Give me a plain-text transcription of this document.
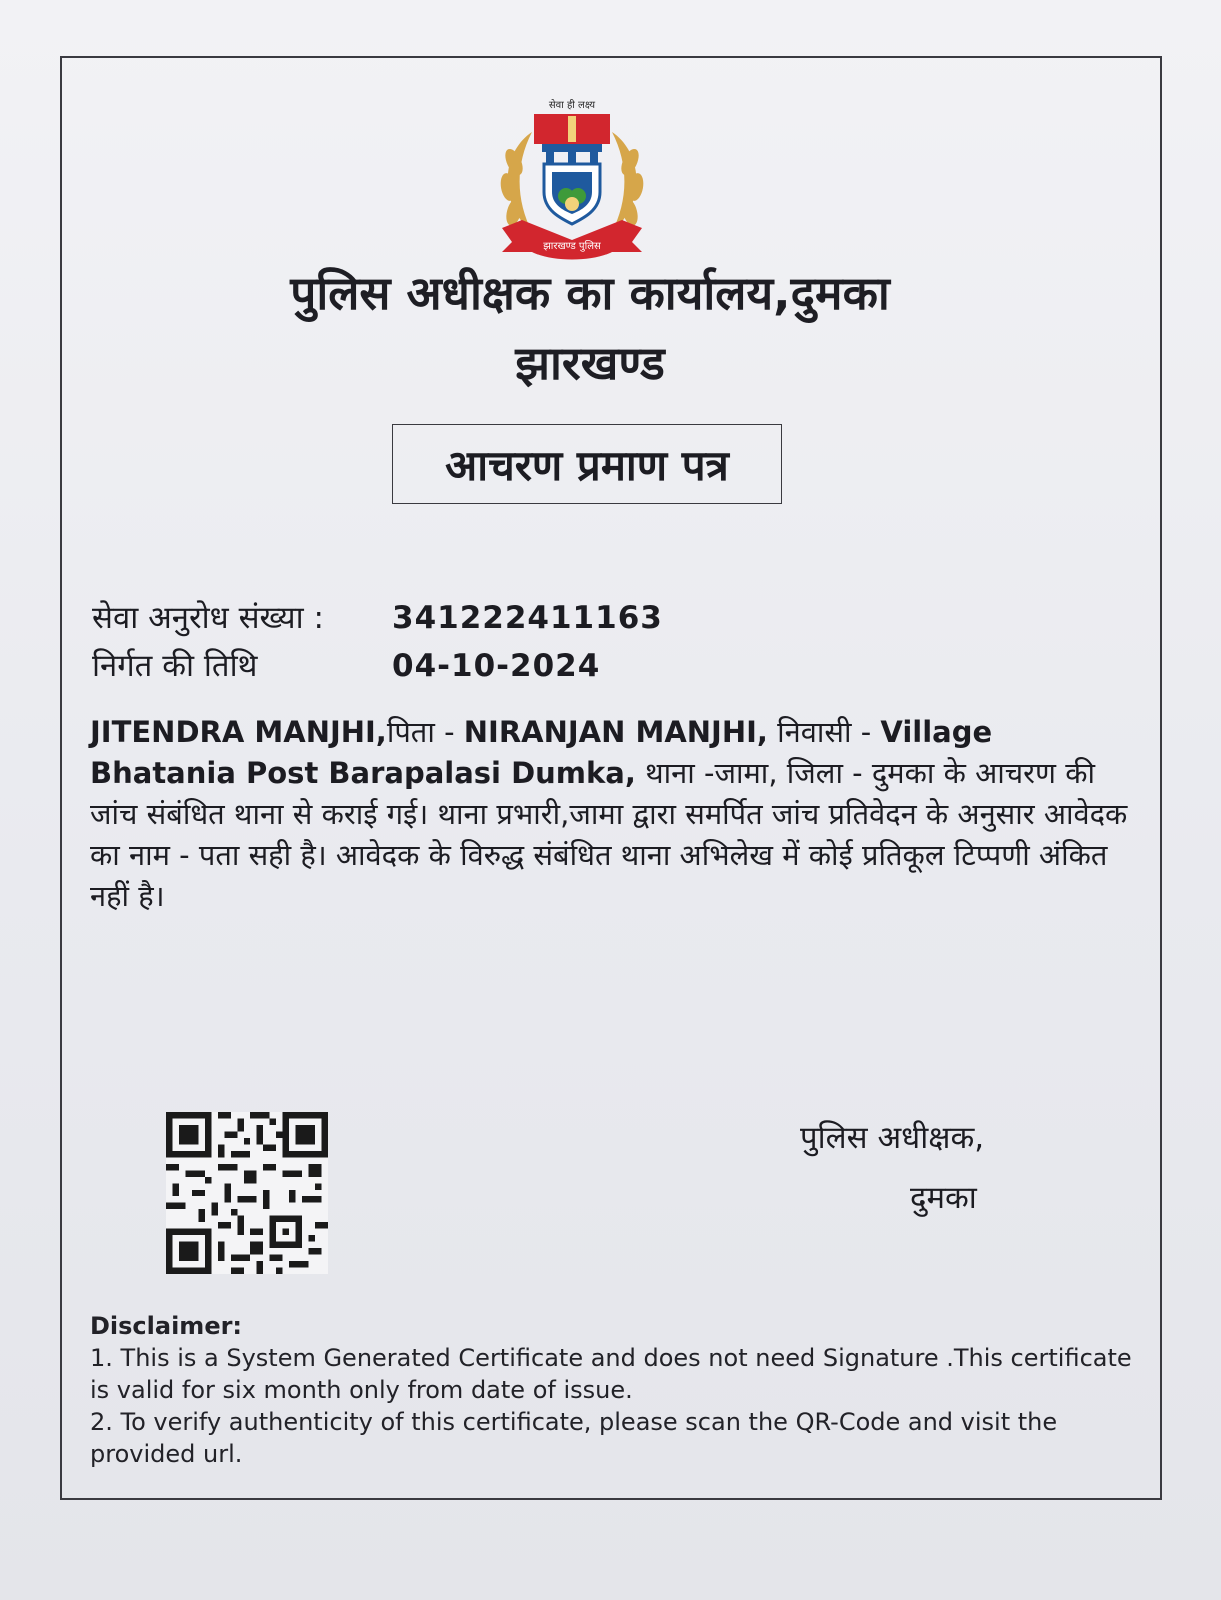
सेवा ही लक्ष्य
झारखण्ड पुलिस
पुलिस अधीक्षक का कार्यालय,दुमका
झारखण्ड
आचरण प्रमाण पत्र
सेवा अनुरोध संख्या : 341222411163
निर्गत की तिथि	04-10-2024
JITENDRA MANJHI,पिता - NIRANJAN MANJHI, निवासी - Village Bhatania Post Barapalasi Dumka, थाना -जामा, जिला - दुमका के आचरण की जांच संबंधित थाना से कराई गई। थाना प्रभारी,जामा द्वारा समर्पित जांच प्रतिवेदन के अनुसार आवेदक का नाम - पता सही है। आवेदक के विरुद्ध संबंधित थाना अभिलेख में कोई प्रतिकूल टिप्पणी अंकित नहीं है।
पुलिस अधीक्षक,
दुमका
Disclaimer:
1. This is a System Generated Certificate and does not need Signature .This certificate is valid for six month only from date of issue.
2. To verify authenticity of this certificate, please scan the QR-Code and visit the provided url.
